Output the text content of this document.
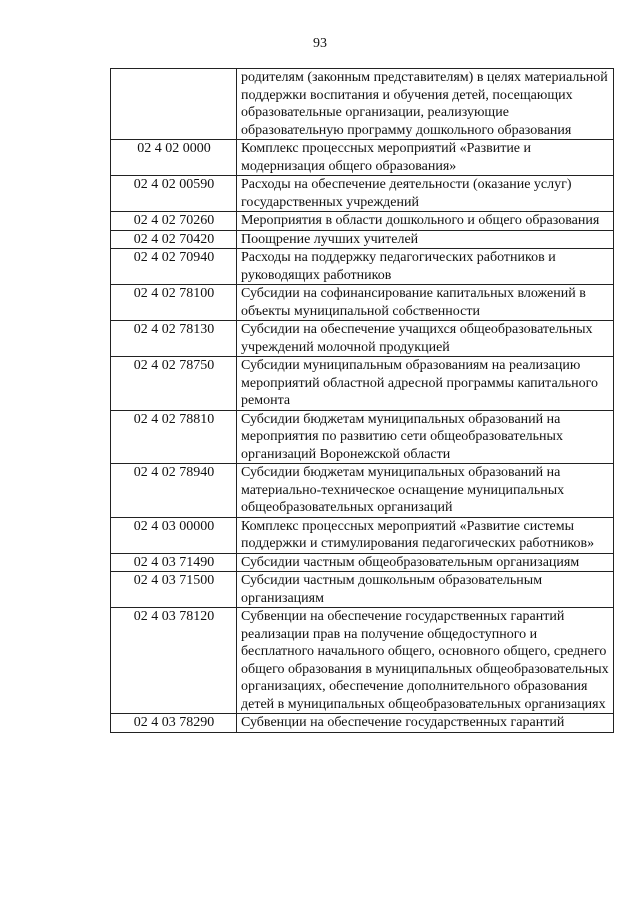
93
	родителям (законным представителям) в целях материальной поддержки воспитания и обучения детей, посещающих образовательные организации, реализующие образовательную программу дошкольного образования
02 4 02 0000	Комплекс процессных мероприятий «Развитие и модернизация общего образования»
02 4 02 00590	Расходы на обеспечение деятельности (оказание услуг) государственных учреждений
02 4 02 70260	Мероприятия в области дошкольного и общего образования
02 4 02 70420	Поощрение лучших учителей
02 4 02 70940	Расходы на поддержку педагогических работников и руководящих работников
02 4 02 78100	Субсидии на софинансирование капитальных вложений в объекты муниципальной собственности
02 4 02 78130	Субсидии на обеспечение учащихся общеобразовательных учреждений молочной продукцией
02 4 02 78750	Субсидии муниципальным образованиям на реализацию мероприятий областной адресной программы капитального ремонта
02 4 02 78810	Субсидии бюджетам муниципальных образований на мероприятия по развитию сети общеобразовательных организаций Воронежской области
02 4 02 78940	Субсидии бюджетам муниципальных образований на материально-техническое оснащение муниципальных общеобразовательных организаций
02 4 03 00000	Комплекс процессных мероприятий «Развитие системы поддержки и стимулирования педагогических работников»
02 4 03 71490	Субсидии частным общеобразовательным организациям
02 4 03 71500	Субсидии частным дошкольным образовательным организациям
02 4 03 78120	Субвенции на обеспечение государственных гарантий реализации прав на получение общедоступного и бесплатного начального общего, основного общего, среднего общего образования в муниципальных общеобразовательных организациях, обеспечение дополнительного образования детей в муниципальных общеобразовательных организациях
02 4 03 78290	Субвенции на обеспечение государственных гарантий
